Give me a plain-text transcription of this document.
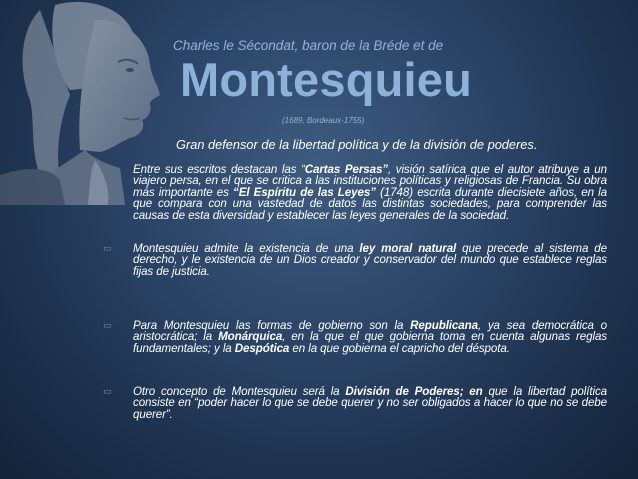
Charles le Sécondat, baron de la Bréde et de
Montesquieu
(1689, Bordeaux-1755)
Gran defensor de la libertad política y de la división de poderes.

Entre sus escritos destacan las “Cartas Persas”, visión satírica que el autor atribuye a un viajero persa, en el que se critica a las instituciones políticas y religiosas de Francia. Su obra más importante es “El Espíritu de las Leyes” (1748) escrita durante diecisiete años, en la que compara con una vastedad de datos las distintas sociedades, para comprender las causas de esta diversidad y establecer las leyes generales de la sociedad.

▭ Montesquieu admite la existencia de una ley moral natural que precede al sistema de derecho, y le existencia de un Dios creador y conservador del mundo que establece reglas fijas de justicia.

▭ Para Montesquieu las formas de gobierno son la Republicana, ya sea democrática o aristocrática; la Monárquica, en la que el que gobierna toma en cuenta algunas reglas fundamentales; y la Despótica en la que gobierna el capricho del déspota.

▭ Otro concepto de Montesquieu será la División de Poderes; en que la libertad política consiste en “poder hacer lo que se debe querer y no ser obligados a hacer lo que no se debe querer”.
